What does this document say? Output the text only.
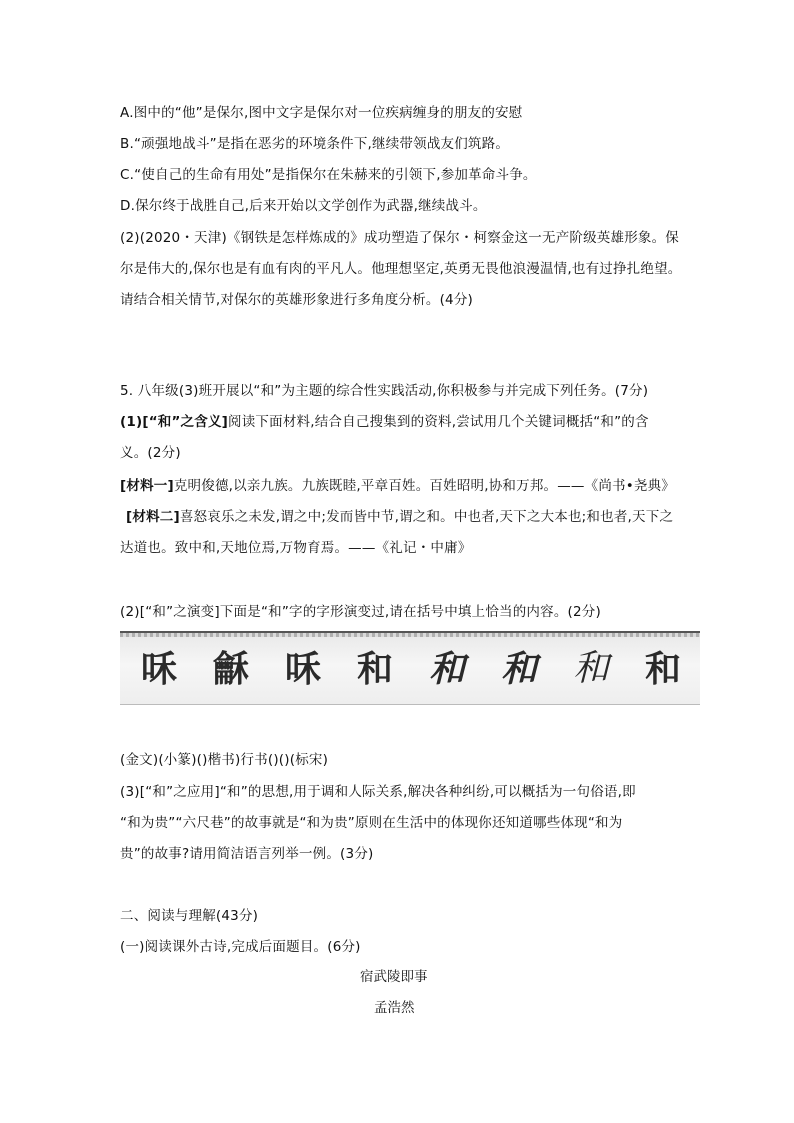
A.图中的“他”是保尔,图中文字是保尔对一位疾病缠身的朋友的安慰
B.“顽强地战斗”是指在恶劣的环境条件下,继续带领战友们筑路。
C.“使自己的生命有用处”是指保尔在朱赫来的引领下,参加革命斗争。
D.保尔终于战胜自己,后来开始以文学创作为武器,继续战斗。
(2)(2020・天津)《钢铁是怎样炼成的》成功塑造了保尔・柯察金这一无产阶级英雄形象。保
尔是伟大的,保尔也是有血有肉的平凡人。他理想坚定,英勇无畏他浪漫温情,也有过挣扎绝望。
请结合相关情节,对保尔的英雄形象进行多角度分析。(4分)
5. 八年级(3)班开展以“和”为主题的综合性实践活动,你积极参与并完成下列任务。(7分)
(1)[“和”之含义]阅读下面材料,结合自己搜集到的资料,尝试用几个关键词概括“和”的含
义。(2分)
[材料一]克明俊德,以亲九族。九族既睦,平章百姓。百姓昭明,协和万邦。——《尚书•尧典》
[材料二]喜怒哀乐之未发,谓之中;发而皆中节,谓之和。中也者,天下之大本也;和也者,天下之
达道也。致中和,天地位焉,万物育焉。——《礼记・中庸》
(2)[“和”之演变]下面是“和”字的字形演变过,请在括号中填上恰当的内容。(2分)
咊 龢 咊 和 和 和 和 和
(金文)(小篆)()楷书)行书()()(标宋)
(3)[“和”之应用]“和”的思想,用于调和人际关系,解决各种纠纷,可以概括为一句俗语,即
“和为贵”“六尺巷”的故事就是“和为贵”原则在生活中的体现你还知道哪些体现“和为
贵”的故事?请用简洁语言列举一例。(3分)
二、阅读与理解(43分)
(一)阅读课外古诗,完成后面题目。(6分)
宿武陵即事
孟浩然
